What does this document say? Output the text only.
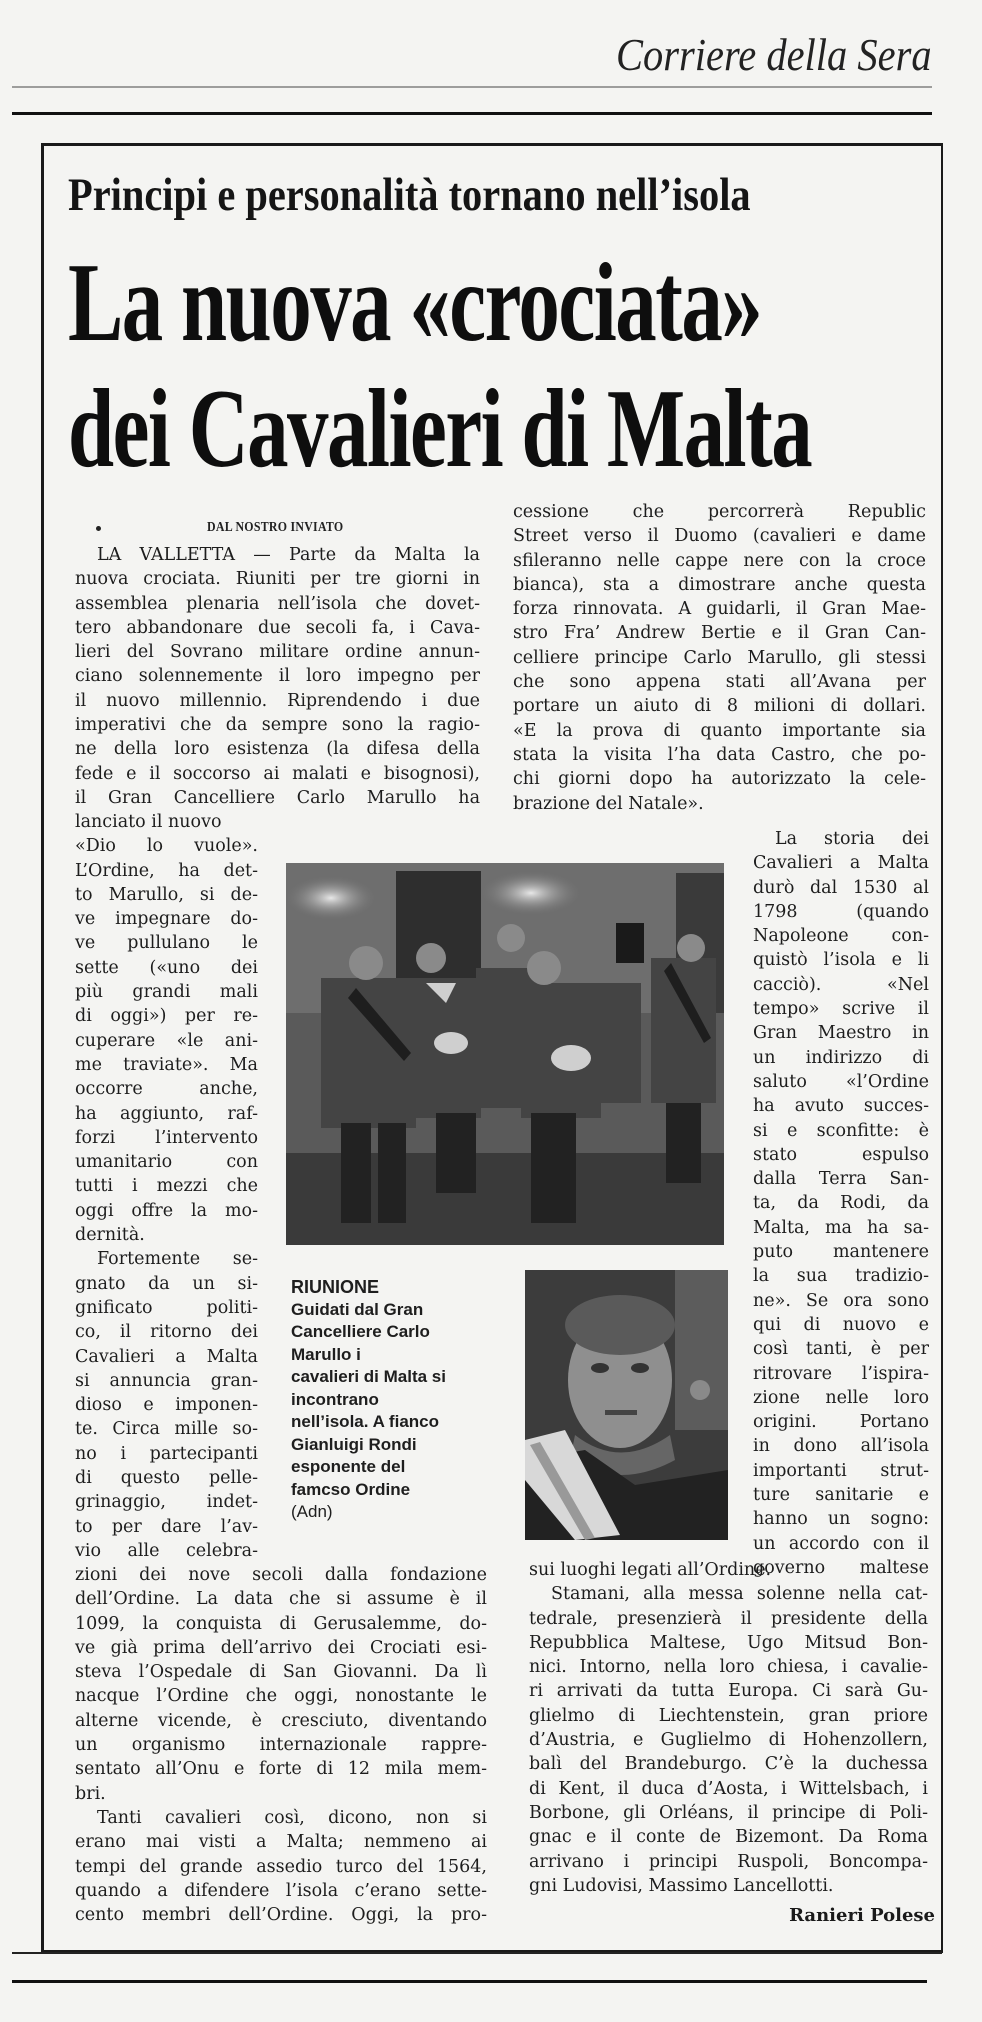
Corriere della Sera
Principi e personalità tornano nell’isola
La nuova «crociata»
dei Cavalieri di Malta
DAL NOSTRO INVIATO
LA VALLETTA — Parte da Malta la
nuova crociata. Riuniti per tre giorni in
assemblea plenaria nell’isola che dovet-
tero abbandonare due secoli fa, i Cava-
lieri del Sovrano militare ordine annun-
ciano solennemente il loro impegno per
il nuovo millennio. Riprendendo i due
imperativi che da sempre sono la ragio-
ne della loro esistenza (la difesa della
fede e il soccorso ai malati e bisognosi),
il Gran Cancelliere Carlo Marullo ha
lanciato il nuovo
«Dio lo vuole».
L’Ordine, ha det-
to Marullo, si de-
ve impegnare do-
ve pullulano le
sette («uno dei
più grandi mali
di oggi») per re-
cuperare «le ani-
me traviate». Ma
occorre anche,
ha aggiunto, raf-
forzi l’intervento
umanitario con
tutti i mezzi che
oggi offre la mo-
dernità.
Fortemente se-
gnato da un si-
gnificato politi-
co, il ritorno dei
Cavalieri a Malta
si annuncia gran-
dioso e imponen-
te. Circa mille so-
no i partecipanti
di questo pelle-
grinaggio, indet-
to per dare l’av-
vio alle celebra-
zioni dei nove secoli dalla fondazione
dell’Ordine. La data che si assume è il
1099, la conquista di Gerusalemme, do-
ve già prima dell’arrivo dei Crociati esi-
steva l’Ospedale di San Giovanni. Da lì
nacque l’Ordine che oggi, nonostante le
alterne vicende, è cresciuto, diventando
un organismo internazionale rappre-
sentato all’Onu e forte di 12 mila mem-
bri.
Tanti cavalieri così, dicono, non si
erano mai visti a Malta; nemmeno ai
tempi del grande assedio turco del 1564,
quando a difendere l’isola c’erano sette-
cento membri dell’Ordine. Oggi, la pro-
cessione che percorrerà Republic
Street verso il Duomo (cavalieri e dame
sfileranno nelle cappe nere con la croce
bianca), sta a dimostrare anche questa
forza rinnovata. A guidarli, il Gran Mae-
stro Fra’ Andrew Bertie e il Gran Can-
celliere principe Carlo Marullo, gli stessi
che sono appena stati all’Avana per
portare un aiuto di 8 milioni di dollari.
«E la prova di quanto importante sia
stata la visita l’ha data Castro, che po-
chi giorni dopo ha autorizzato la cele-
brazione del Natale».
La storia dei
Cavalieri a Malta
durò dal 1530 al
1798 (quando
Napoleone con-
quistò l’isola e li
cacciò). «Nel
tempo» scrive il
Gran Maestro in
un indirizzo di
saluto «l’Ordine
ha avuto succes-
si e sconfitte: è
stato espulso
dalla Terra San-
ta, da Rodi, da
Malta, ma ha sa-
puto mantenere
la sua tradizio-
ne». Se ora sono
qui di nuovo e
così tanti, è per
ritrovare l’ispira-
zione nelle loro
origini. Portano
in dono all’isola
importanti strut-
ture sanitarie e
hanno un sogno:
un accordo con il
governo maltese
sui luoghi legati all’Ordine.
Stamani, alla messa solenne nella cat-
tedrale, presenzierà il presidente della
Repubblica Maltese, Ugo Mitsud Bon-
nici. Intorno, nella loro chiesa, i cavalie-
ri arrivati da tutta Europa. Ci sarà Gu-
glielmo di Liechtenstein, gran priore
d’Austria, e Guglielmo di Hohenzollern,
balì del Brandeburgo. C’è la duchessa
di Kent, il duca d’Aosta, i Wittelsbach, i
Borbone, gli Orléans, il principe di Poli-
gnac e il conte de Bizemont. Da Roma
arrivano i principi Ruspoli, Boncompa-
gni Ludovisi, Massimo Lancellotti.
Ranieri Polese
RIUNIONE
Guidati dal Gran
Cancelliere Carlo
Marullo i
cavalieri di Malta si
incontrano
nell’isola. A fianco
Gianluigi Rondi
esponente del
famcso Ordine
(Adn)
